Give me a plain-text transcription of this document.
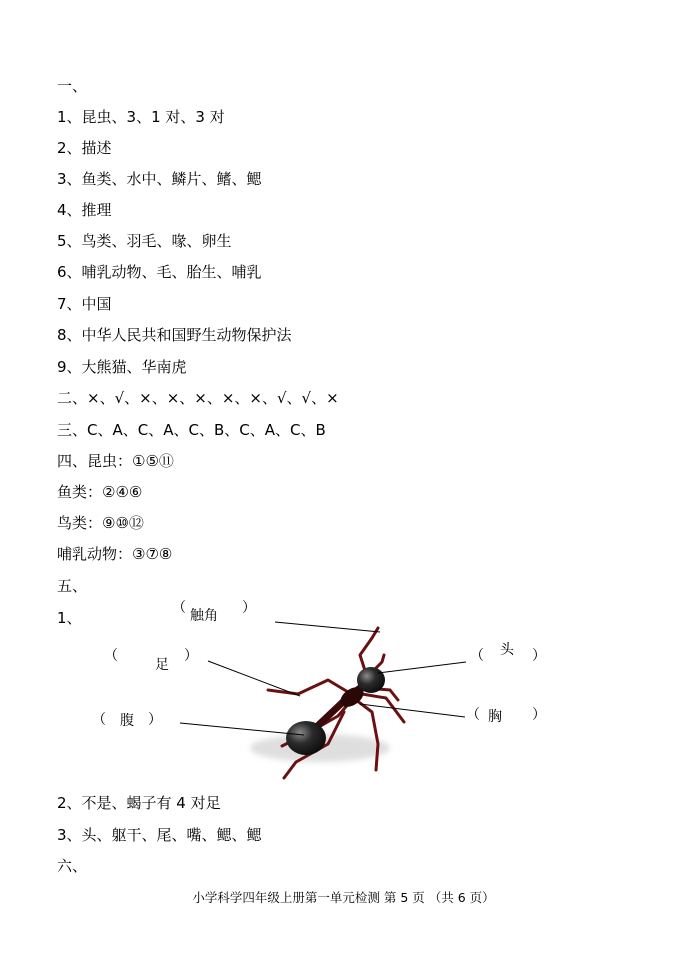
一、
1、昆虫、3、1 对、3 对
2、描述
3、鱼类、水中、鳞片、鳍、鳃
4、推理
5、鸟类、羽毛、喙、卵生
6、哺乳动物、毛、胎生、哺乳
7、中国
8、中华人民共和国野生动物保护法
9、大熊猫、华南虎
二、×、√、×、×、×、×、×、√、√、×
三、C、A、C、A、C、B、C、A、C、B
四、昆虫：①⑤⑪
鱼类：②④⑥
鸟类：⑨⑩⑫
哺乳动物：③⑦⑧
五、
1、
（ 触角 ）
（
足
）
（ 腹 ）
（ 头 ）
（ 胸 ）
2、不是、蝎子有 4 对足
3、头、躯干、尾、嘴、鳃、鳃
六、
小学科学四年级上册第一单元检测 第 5 页 （共 6 页）
